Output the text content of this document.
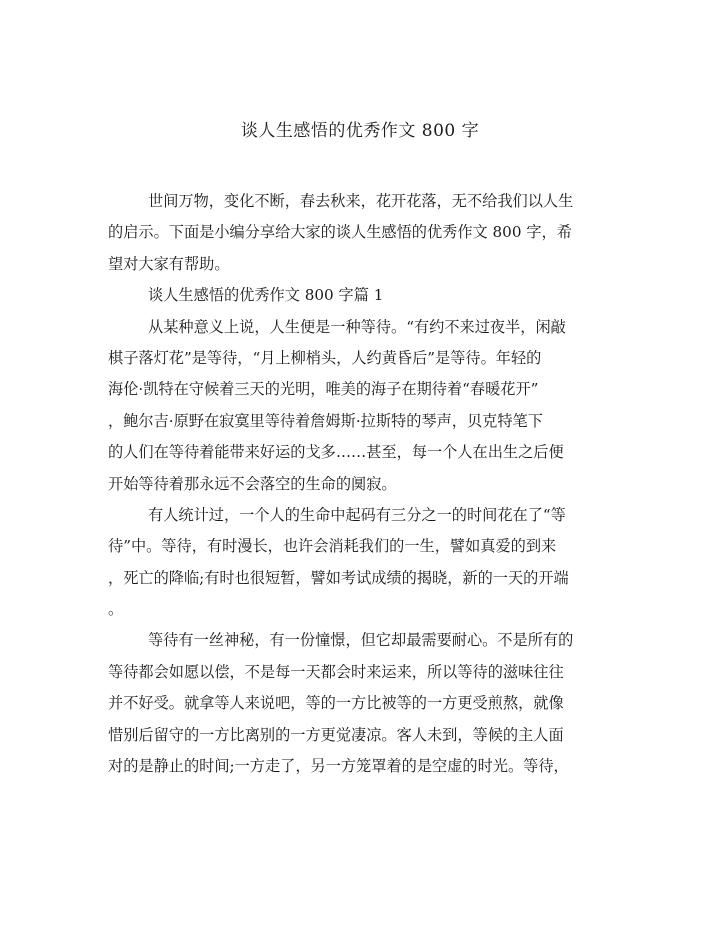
谈人生感悟的优秀作文 800 字
世间万物，变化不断，春去秋来，花开花落，无不给我们以人生
的启示。下面是小编分享给大家的谈人生感悟的优秀作文 800 字，希
望对大家有帮助。
谈人生感悟的优秀作文 800 字篇 1
从某种意义上说，人生便是一种等待。“有约不来过夜半，闲敲
棋子落灯花”是等待，“月上柳梢头，人约黄昏后”是等待。年轻的
海伦·凯特在守候着三天的光明，唯美的海子在期待着“春暖花开”
，鲍尔吉·原野在寂寞里等待着詹姆斯·拉斯特的琴声，贝克特笔下
的人们在等待着能带来好运的戈多……甚至，每一个人在出生之后便
开始等待着那永远不会落空的生命的阒寂。
有人统计过，一个人的生命中起码有三分之一的时间花在了“等
待”中。等待，有时漫长，也许会消耗我们的一生，譬如真爱的到来
，死亡的降临;有时也很短暂，譬如考试成绩的揭晓，新的一天的开端
。
等待有一丝神秘，有一份憧憬，但它却最需要耐心。不是所有的
等待都会如愿以偿，不是每一天都会时来运来，所以等待的滋味往往
并不好受。就拿等人来说吧，等的一方比被等的一方更受煎熬，就像
惜别后留守的一方比离别的一方更觉凄凉。客人未到，等候的主人面
对的是静止的时间;一方走了，另一方笼罩着的是空虚的时光。等待，
